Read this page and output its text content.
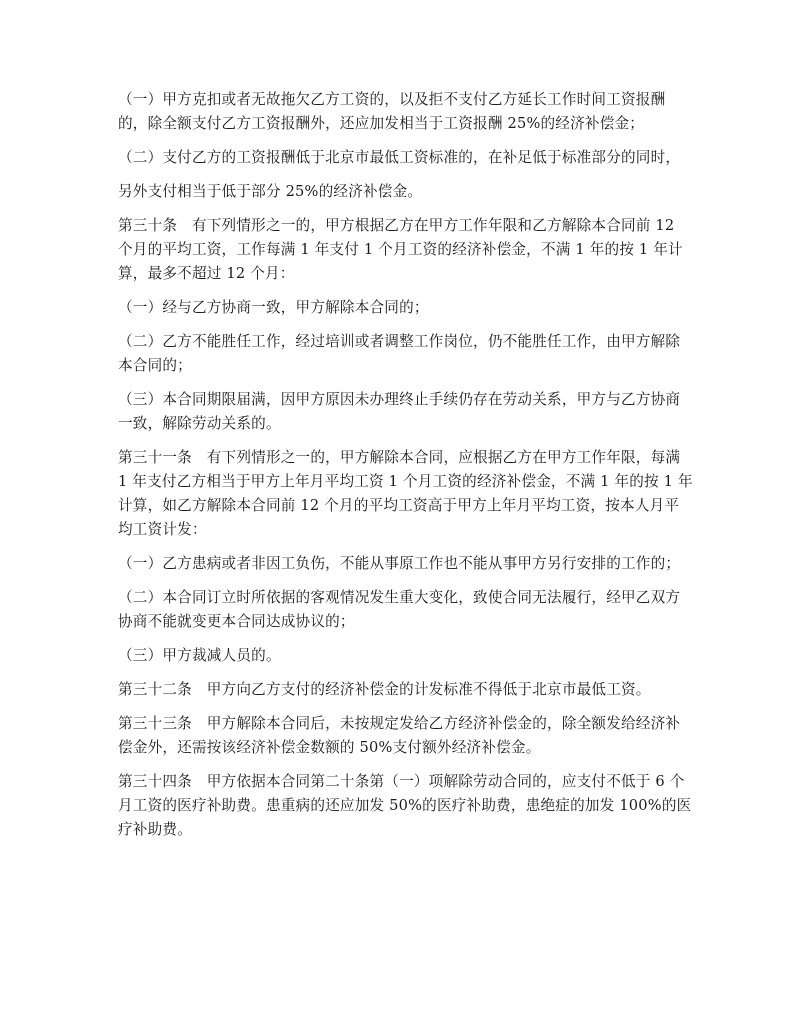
（一）甲方克扣或者无故拖欠乙方工资的，以及拒不支付乙方延长工作时间工资报酬的，除全额支付乙方工资报酬外，还应加发相当于工资报酬 25%的经济补偿金；

（二）支付乙方的工资报酬低于北京市最低工资标准的，在补足低于标准部分的同时，

另外支付相当于低于部分 25%的经济补偿金。

第三十条　有下列情形之一的，甲方根据乙方在甲方工作年限和乙方解除本合同前 12 个月的平均工资，工作每满 1 年支付 1 个月工资的经济补偿金，不满 1 年的按 1 年计算，最多不超过 12 个月：

（一）经与乙方协商一致，甲方解除本合同的；

（二）乙方不能胜任工作，经过培训或者调整工作岗位，仍不能胜任工作，由甲方解除本合同的；

（三）本合同期限届满，因甲方原因未办理终止手续仍存在劳动关系，甲方与乙方协商一致，解除劳动关系的。

第三十一条　有下列情形之一的，甲方解除本合同，应根据乙方在甲方工作年限，每满 1 年支付乙方相当于甲方上年月平均工资 1 个月工资的经济补偿金，不满 1 年的按 1 年计算，如乙方解除本合同前 12 个月的平均工资高于甲方上年月平均工资，按本人月平均工资计发：

（一）乙方患病或者非因工负伤，不能从事原工作也不能从事甲方另行安排的工作的；

（二）本合同订立时所依据的客观情况发生重大变化，致使合同无法履行，经甲乙双方协商不能就变更本合同达成协议的；

（三）甲方裁减人员的。

第三十二条　甲方向乙方支付的经济补偿金的计发标准不得低于北京市最低工资。

第三十三条　甲方解除本合同后，未按规定发给乙方经济补偿金的，除全额发给经济补偿金外，还需按该经济补偿金数额的 50%支付额外经济补偿金。

第三十四条　甲方依据本合同第二十条第（一）项解除劳动合同的，应支付不低于 6 个月工资的医疗补助费。患重病的还应加发 50%的医疗补助费，患绝症的加发 100%的医疗补助费。
